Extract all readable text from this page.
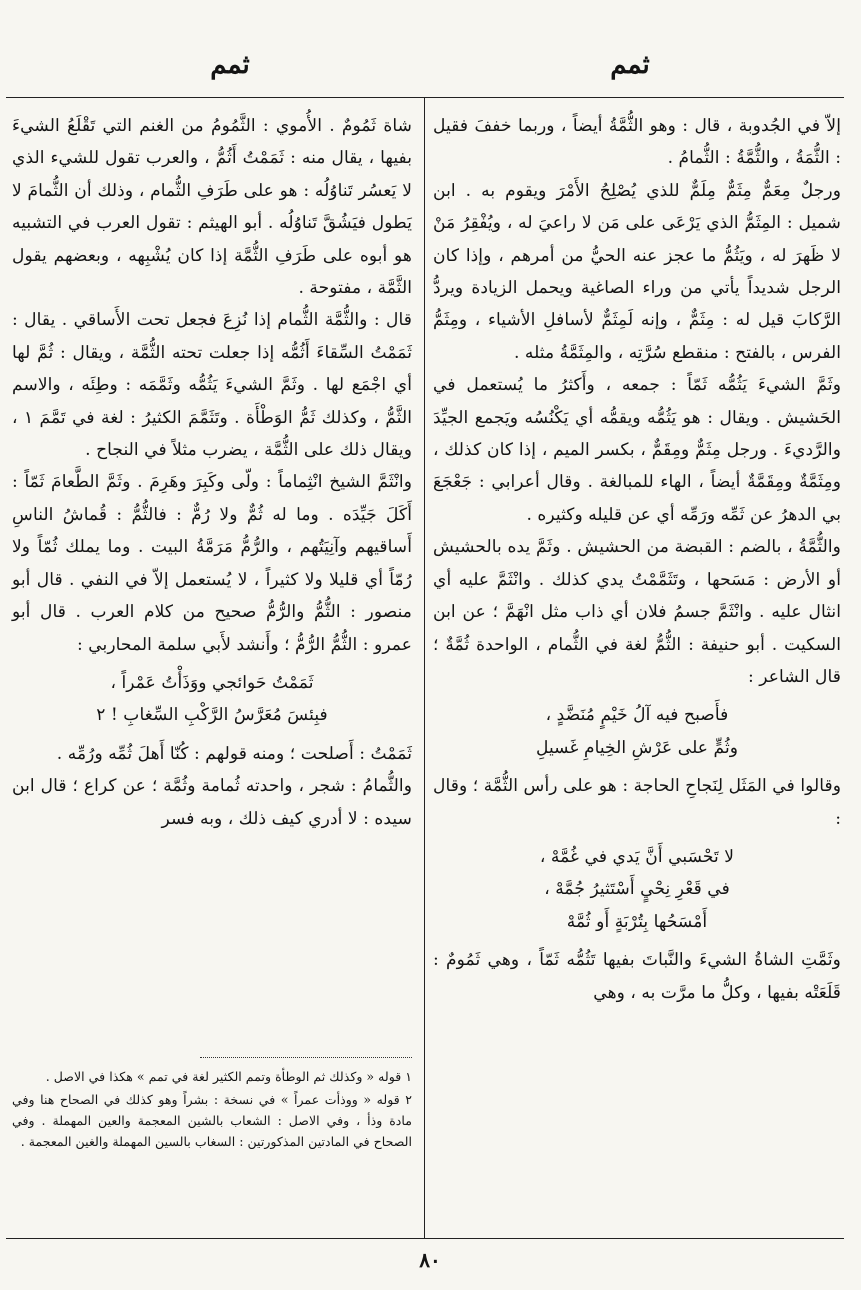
ثمم
ثمم

إلاّ في الجُدوبة ، قال : وهو الثُّمَّةُ أيضاً ، وربما خففَ فقيل : الثُّمَةُ ، والثُّمَّةُ : الثُّمامُ .

ورجلٌ مِعَمٌّ مِثَمٌّ مِلَمٌّ للذي يُصْلِحُ الأَمْرَ ويقوم به . ابن شميل : المِثَمُّ الذي يَرْعَى على مَن لا راعيَ له ، ويُفْقِرُ مَنْ لا ظَهرَ له ، ويَثُمُّ ما عجز عنه الحيُّ من أمرهم ، وإذا كان الرجل شديداً يأتي من وراء الصاغية ويحمل الزيادة ويردُّ الرَّكابَ قيل له : مِثَمٌّ ، وإنه لَمِثَمٌّ لأسافلِ الأشياء ، ومِثَمُّ الفرس ، بالفتح : منقطع سُرَّتِه ، والمِثَمَّةُ مثله .

وثَمَّ الشيءَ يَثُمُّه ثَمّاً : جمعه ، وأَكثرُ ما يُستعمل في الحَشيش . ويقال : هو يَثُمُّه ويقمُّه أي يَكْنُسُه ويَجمع الجيِّدَ والرَّديءَ . ورجل مِثَمٌّ ومِقَمٌّ ، بكسر الميم ، إذا كان كذلك ، ومِثَمَّةٌ ومِقَمَّةٌ أيضاً ، الهاء للمبالغة . وقال أعرابي : جَعْجَعَ بي الدهرُ عن ثَمِّه ورَمِّه أي عن قليله وكثيره .

والثُّمَّةُ ، بالضم : القبضة من الحشيش . وثَمَّ يده بالحشيش أو الأرض : مَسَحها ، وتَثَمَّمْتُ يدي كذلك . وانْثَمَّ عليه أي انثال عليه . وانْثَمَّ جسمُ فلان أي ذاب مثل انْهَمَّ ؛ عن ابن السكيت . أبو حنيفة : الثُّمُّ لغة في الثُّمام ، الواحدة ثُمَّةٌ ؛ قال الشاعر :

فأَصبح فيه آلُ خَيْمٍ مُنَضَّدٍ ،

وثُمٍّ على عَرْشِ الخِيامِ غَسيلِ

وقالوا في المَثَل لِنَجاحِ الحاجة : هو على رأس الثُّمَّة ؛ وقال :

لا تَحْسَبي أَنَّ يَدي في غُمَّهْ ،

في قَعْرِ نِحْيٍ أَسْتَثيرُ جُمَّهْ ،

أَمْسَحُها بِتُرْبَةٍ أَو ثُمَّهْ

وثَمَّتِ الشاةُ الشيءَ والنَّباتَ بفيها تَثُمُّه ثَمّاً ، وهي ثَمُومٌ : قَلَعَتْه بفيها ، وكلُّ ما مرَّت به ، وهي

شاة ثَمُومٌ . الأُموي : الثَّمُومُ من الغنم التي تَقْلَعُ الشيءَ بفيها ، يقال منه : ثَمَمْتُ أَثُمُّ ، والعرب تقول للشيء الذي لا يَعسُر تَناوُلُه : هو على طَرَفِ الثُّمام ، وذلك أن الثُّمامَ لا يَطول فيَشُقَّ تَناوُلُه . أبو الهيثم : تقول العرب في التشبيه هو أبوه على طَرَفِ الثُّمَّة إذا كان يُشْبِهه ، وبعضهم يقول الثَّمَّة ، مفتوحة .

قال : والثُّمَّة الثُّمام إذا نُزِعَ فجعل تحت الأَساقي . يقال : ثَمَمْتُ السِّقاءَ أَثُمُّه إذا جعلت تحته الثُّمَّة ، ويقال : ثُمَّ لها أي اجْمَع لها . وثَمَّ الشيءَ يَثُمُّه وثَمَّمَه : وطِئَه ، والاسم الثَّمُّ ، وكذلك ثَمُّ الوَطْأَة . وتَثَمَّمَ الكثيرُ : لغة في تَمَّمَ ١ ، ويقال ذلك على الثُّمَّة ، يضرب مثلاً في النجاح .

وانْثَمَّ الشيخ انْثِماماً : ولّى وكَبِرَ وهَرِمَ . وثَمَّ الطَّعامَ ثَمّاً : أَكَلَ جَيِّدَه . وما له ثُمٌّ ولا رُمٌّ : فالثُّمُّ : قُماشُ الناسِ أَساقيهم وآنِيَتُهم ، والرُّمُّ مَرَمَّةُ البيت . وما يملك ثُمّاً ولا رُمّاً أي قليلا ولا كثيراً ، لا يُستعمل إلاّ في النفي . قال أبو منصور : الثُّمُّ والرُّمُّ صحيح من كلام العرب . قال أبو عمرو : الثُّمُّ الرُّمُّ ؛ وأَنشد لأَبي سلمة المحاربي :

ثَمَمْتُ حَوائجي ووَذَأْتُ عَمْراً ،

فبِئسَ مُعَرَّسُ الرَّكْبِ السِّغابِ ! ٢

ثَمَمْتُ : أَصلحت ؛ ومنه قولهم : كُنّا أَهلَ ثُمِّه ورُمِّه .

والثُّمامُ : شجر ، واحدته ثُمامة وثُمَّة ؛ عن كراع ؛ قال ابن سيده : لا أدري كيف ذلك ، وبه فسر

١ قوله « وكذلك ثم الوطأة وتمم الكثير لغة في تمم » هكذا في الاصل .

٢ قوله « ووذأت عمراً » في نسخة : بشراً وهو كذلك في الصحاح هنا وفي مادة وذأ ، وفي الاصل : الشعاب بالشين المعجمة والعين المهملة . وفي الصحاح في المادتين المذكورتين : السغاب بالسين المهملة والغين المعجمة .

٨٠
